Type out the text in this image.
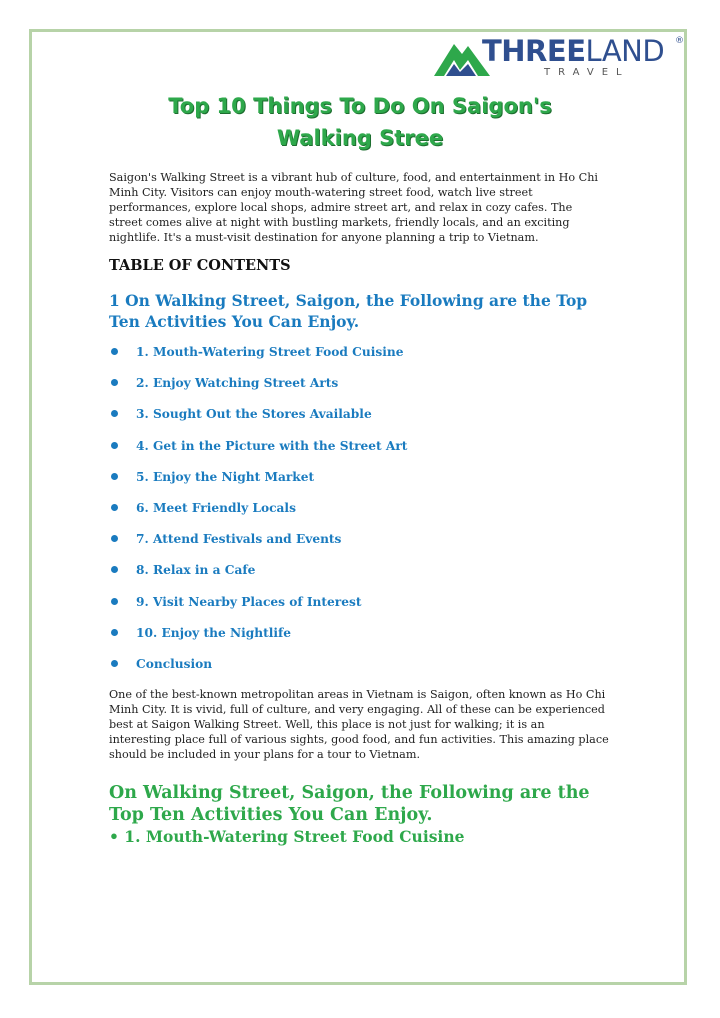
THREELAND ®
TRAVEL
Top 10 Things To Do On Saigon's
Walking Stree
Saigon's Walking Street is a vibrant hub of culture, food, and entertainment in Ho Chi Minh City. Visitors can enjoy mouth-watering street food, watch live street performances, explore local shops, admire street art, and relax in cozy cafes. The street comes alive at night with bustling markets, friendly locals, and an exciting nightlife. It's a must-visit destination for anyone planning a trip to Vietnam.
TABLE OF CONTENTS
1 On Walking Street, Saigon, the Following are the Top Ten Activities You Can Enjoy.
1. Mouth-Watering Street Food Cuisine
2. Enjoy Watching Street Arts
3. Sought Out the Stores Available
4. Get in the Picture with the Street Art
5. Enjoy the Night Market
6. Meet Friendly Locals
7. Attend Festivals and Events
8. Relax in a Cafe
9. Visit Nearby Places of Interest
10. Enjoy the Nightlife
Conclusion
One of the best-known metropolitan areas in Vietnam is Saigon, often known as Ho Chi Minh City. It is vivid, full of culture, and very engaging. All of these can be experienced best at Saigon Walking Street. Well, this place is not just for walking; it is an interesting place full of various sights, good food, and fun activities. This amazing place should be included in your plans for a tour to Vietnam.
On Walking Street, Saigon, the Following are the Top Ten Activities You Can Enjoy.
• 1. Mouth-Watering Street Food Cuisine
